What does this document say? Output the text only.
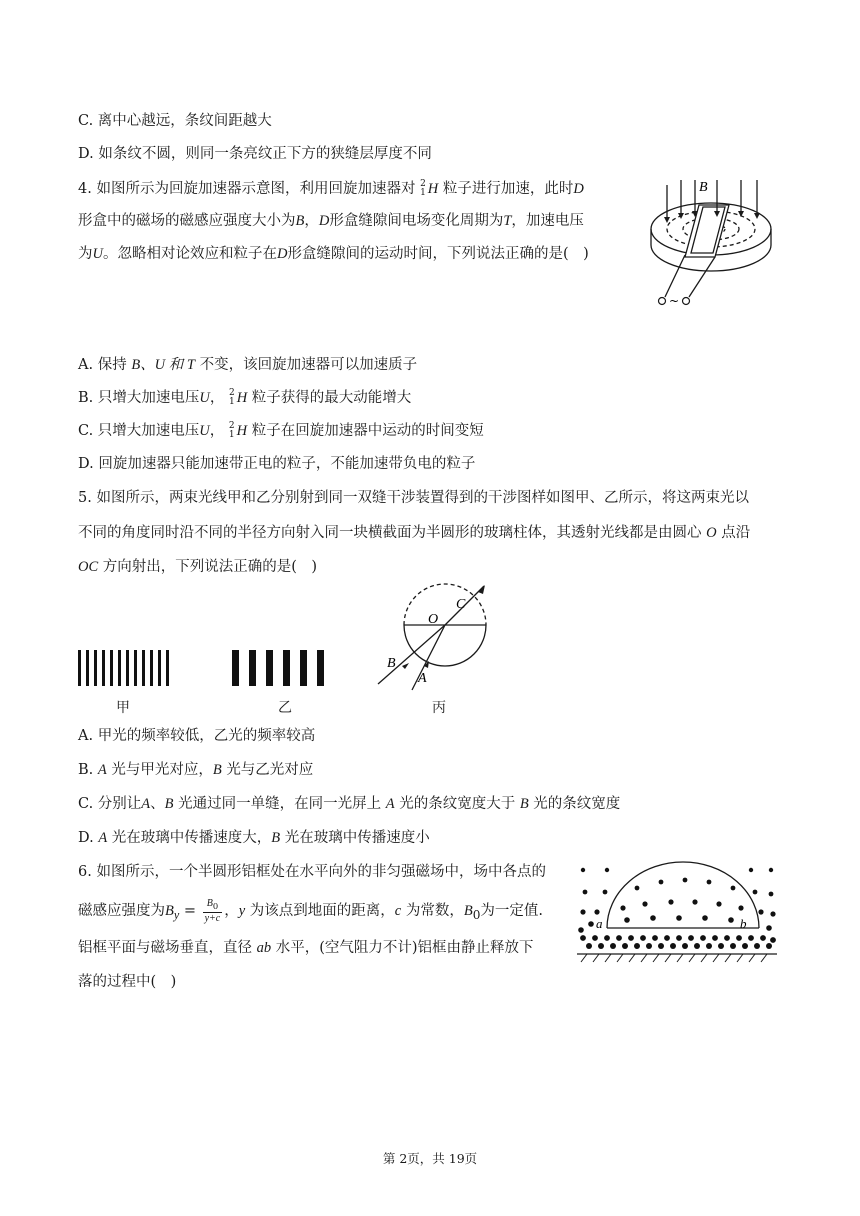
C. 离中心越远，条纹间距越大
D. 如条纹不圆，则同一条亮纹正下方的狭缝层厚度不同
4. 如图所示为回旋加速器示意图，利用回旋加速器对 2
1 H 粒子进行加速，此时D
形盒中的磁场的磁感应强度大小为B，D形盒缝隙间电场变化周期为T，加速电压
为U。忽略相对论效应和粒子在D形盒缝隙间的运动时间，下列说法正确的是(　)
B
~
A. 保持 B、U 和 T 不变，该回旋加速器可以加速质子
B. 只增大加速电压U， 2
1 H 粒子获得的最大动能增大
C. 只增大加速电压U， 2
1 H 粒子在回旋加速器中运动的时间变短
D. 回旋加速器只能加速带正电的粒子，不能加速带负电的粒子
5. 如图所示，两束光线甲和乙分别射到同一双缝干涉装置得到的干涉图样如图甲、乙所示，将这两束光以
不同的角度同时沿不同的半径方向射入同一块横截面为半圆形的玻璃柱体，其透射光线都是由圆心 O 点沿
OC 方向射出，下列说法正确的是(　)
甲	乙	丙
O
C
B
A
A. 甲光的频率较低，乙光的频率较高
B. A 光与甲光对应，B 光与乙光对应
C. 分别让A、B 光通过同一单缝，在同一光屏上 A 光的条纹宽度大于 B 光的条纹宽度
D. A 光在玻璃中传播速度大，B 光在玻璃中传播速度小
6. 如图所示，一个半圆形铝框处在水平向外的非匀强磁场中，场中各点的
磁感应强度为$B_y = \frac{B_0}{y+c}$ ，y 为该点到地面的距离，c 为常数，$B_0$为一定值.
铝框平面与磁场垂直，直径 ab 水平，(空气阻力不计)铝框由静止释放下
落的过程中(　)
a	b
第 2页，共 19页
